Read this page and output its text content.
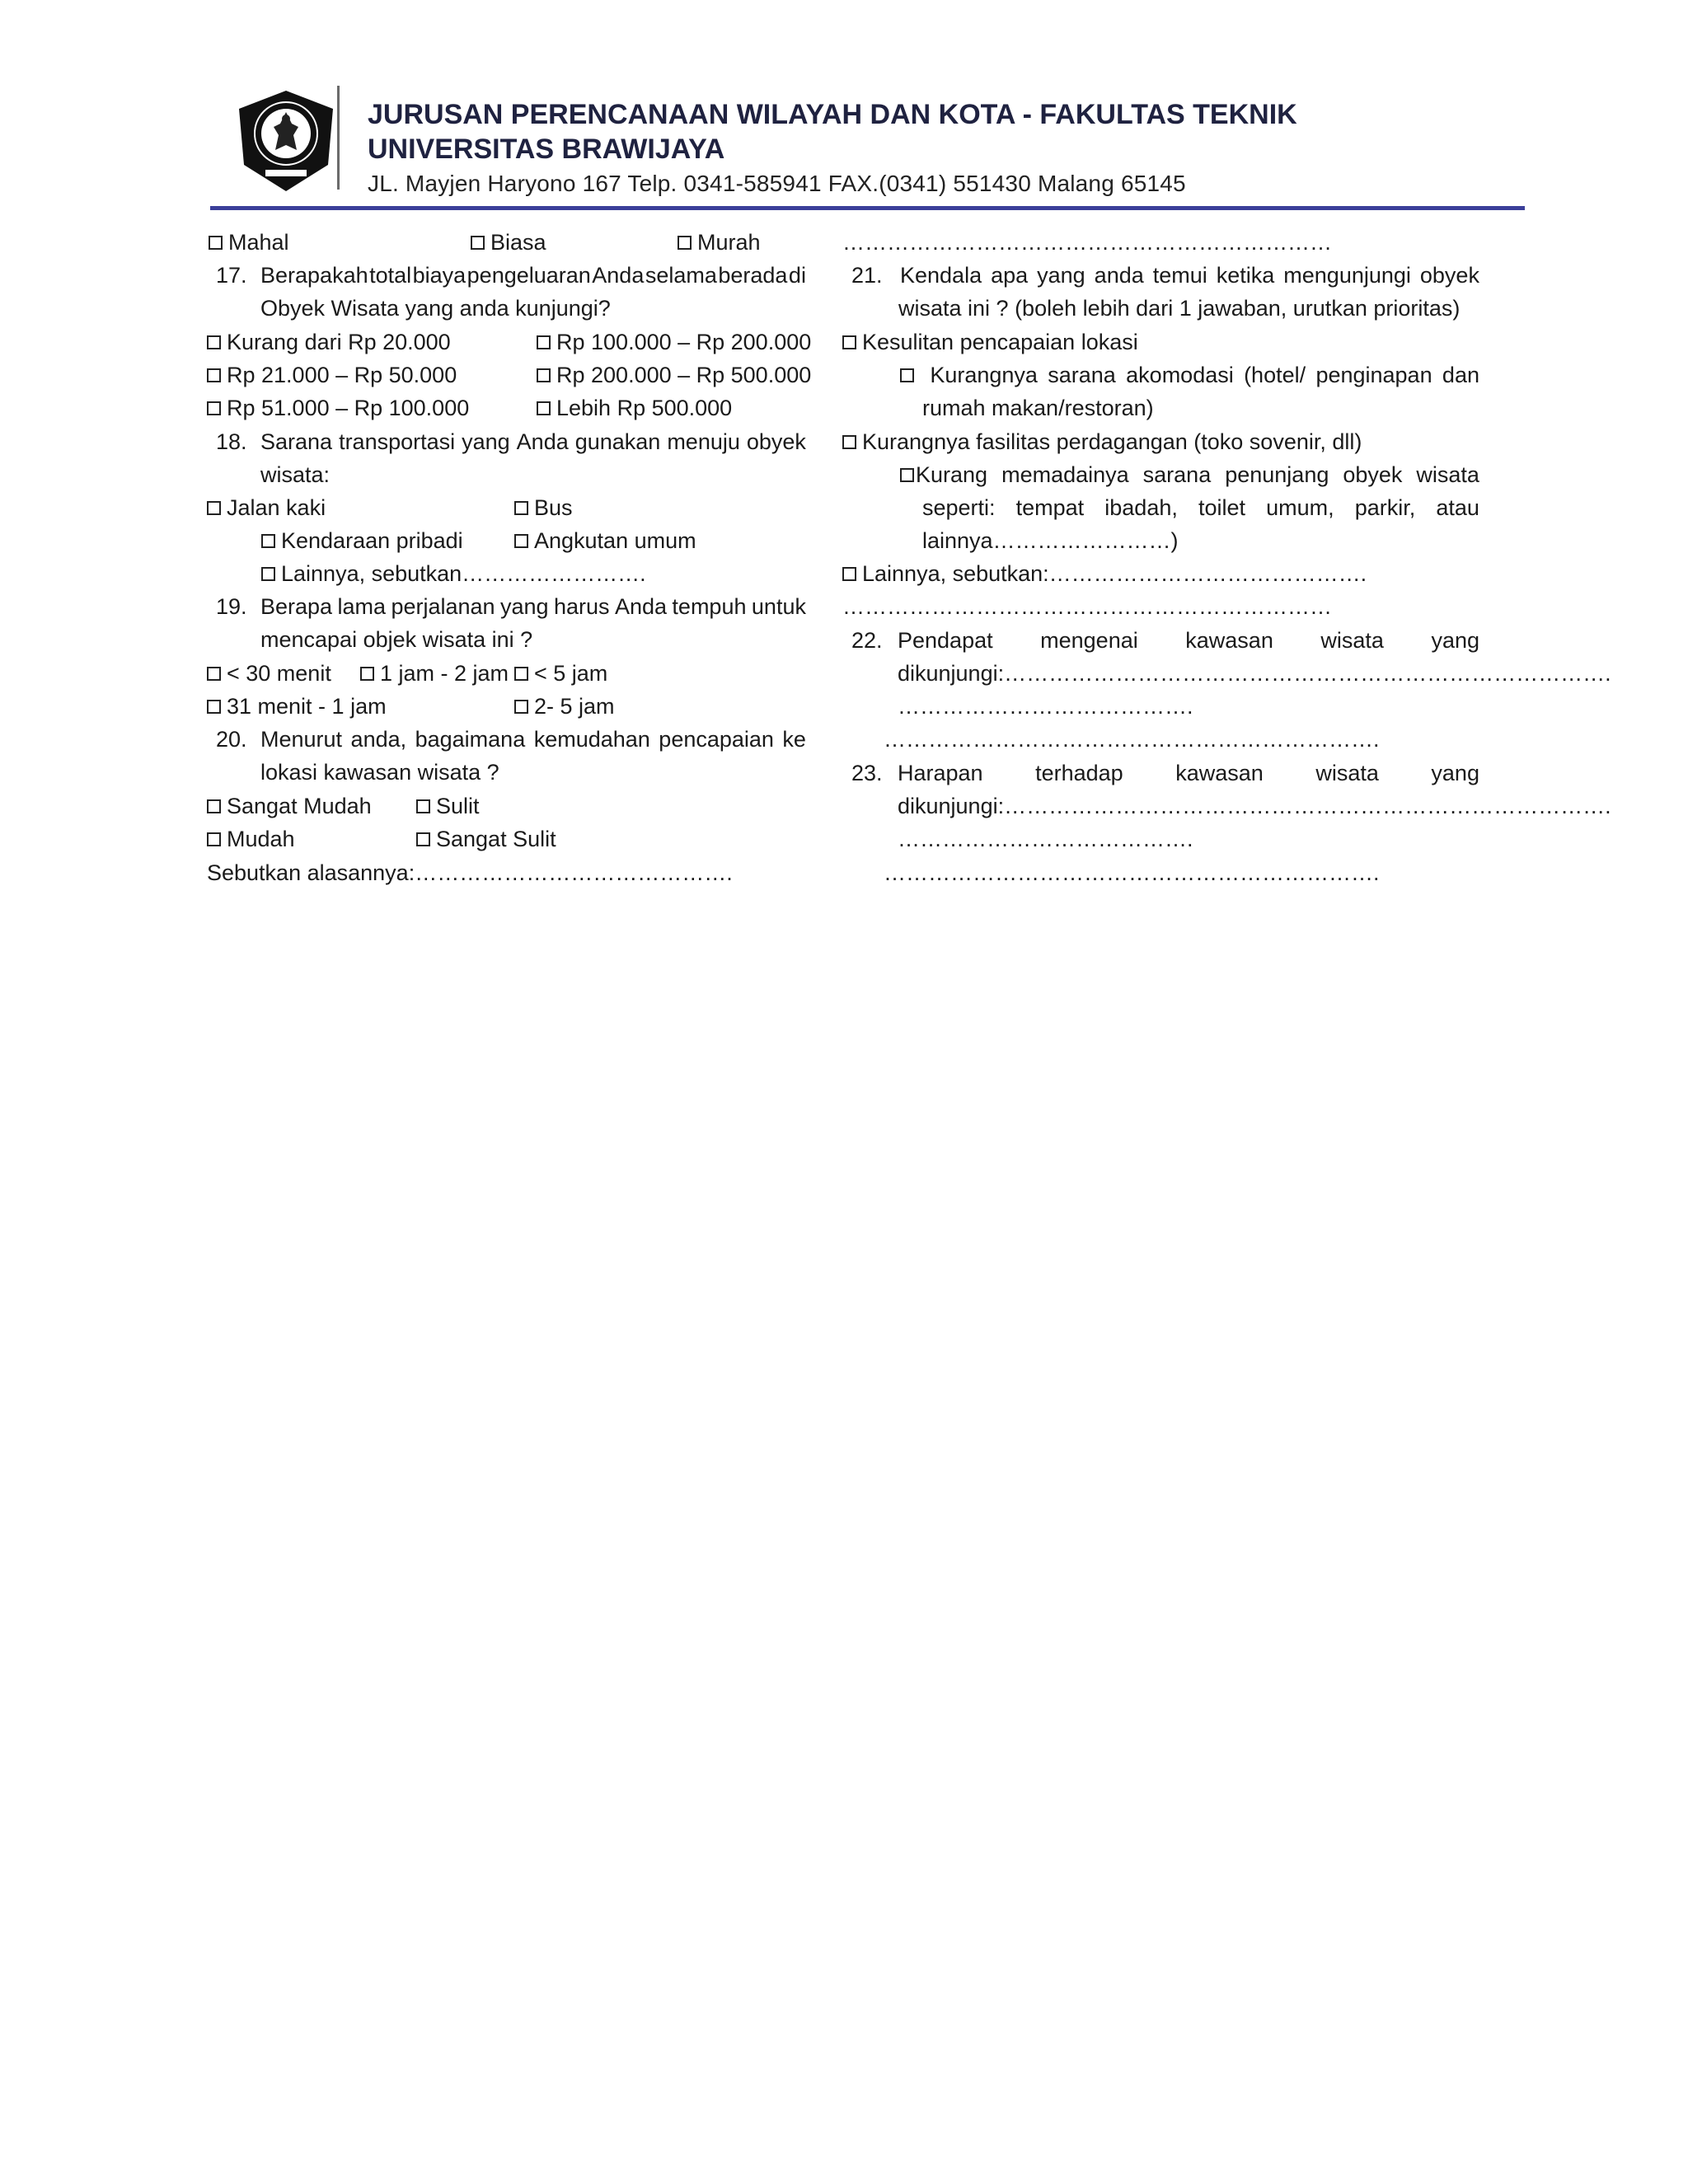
JURUSAN PERENCANAAN WILAYAH DAN KOTA - FAKULTAS TEKNIK
UNIVERSITAS BRAWIJAYA
JL. Mayjen Haryono 167 Telp. 0341-585941 FAX.(0341) 551430 Malang 65145
Mahal	Biasa	Murah
17. Berapakah total biaya pengeluaran Anda selama berada di
Obyek Wisata yang anda kunjungi?
Kurang dari Rp 20.000	Rp 100.000 – Rp 200.000
Rp 21.000 – Rp 50.000	Rp 200.000 – Rp 500.000
Rp 51.000 – Rp 100.000	Lebih Rp 500.000
18. Sarana transportasi yang Anda gunakan menuju obyek
wisata:
Jalan kaki	Bus
Kendaraan pribadi	Angkutan umum
Lainnya, sebutkan…………………….
19. Berapa lama perjalanan yang harus Anda tempuh untuk
mencapai objek wisata ini ?
< 30 menit	1 jam - 2 jam	< 5 jam
31 menit - 1 jam	2- 5 jam
20. Menurut anda, bagaimana kemudahan pencapaian ke
lokasi kawasan wisata ?
Sangat Mudah	Sulit
Mudah	Sangat Sulit
Sebutkan alasannya:…………………………………….
…………………………………………………………
21. Kendala apa yang anda temui ketika mengunjungi obyek
wisata ini ? (boleh lebih dari 1 jawaban, urutkan prioritas)
Kesulitan pencapaian lokasi
Kurangnya sarana akomodasi (hotel/ penginapan dan
rumah makan/restoran)
Kurangnya fasilitas perdagangan (toko sovenir, dll)
Kurang memadainya sarana penunjang obyek wisata
seperti: tempat ibadah, toilet umum, parkir, atau
lainnya……………………)
Lainnya, sebutkan:…………………………………….
…………………………………………………………
22. Pendapat mengenai kawasan wisata yang
dikunjungi:……………………………………………………………………….
………………………………….
………………………………………………………….
23. Harapan terhadap kawasan wisata yang
dikunjungi:……………………………………………………………………….
………………………………….
………………………………………………………….
